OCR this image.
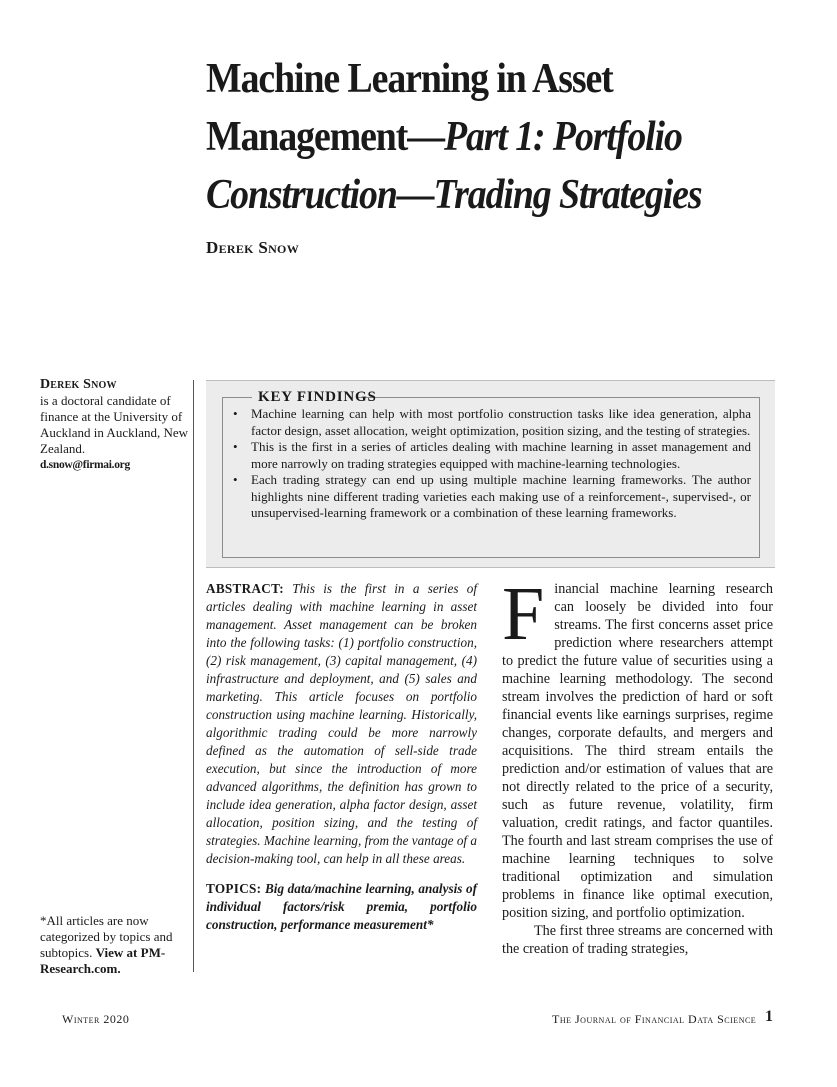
Machine Learning in Asset
Management—Part 1: Portfolio
Construction—Trading Strategies
Derek Snow
Derek Snow
is a doctoral candidate of finance at the University of Auckland in Auckland, New Zealand.
d.snow@firmai.org
KEY FINDINGS
• Machine learning can help with most portfolio construction tasks like idea generation, alpha factor design, asset allocation, weight optimization, position sizing, and the testing of strategies.
• This is the first in a series of articles dealing with machine learning in asset management and more narrowly on trading strategies equipped with machine-learning technologies.
• Each trading strategy can end up using multiple machine learning frameworks. The author highlights nine different trading varieties each making use of a reinforcement-, supervised-, or unsupervised-learning framework or a combination of these learning frameworks.

ABSTRACT: This is the first in a series of articles dealing with machine learning in asset management. Asset management can be broken into the following tasks: (1) portfolio construction, (2) risk management, (3) capital management, (4) infrastructure and deployment, and (5) sales and marketing. This article focuses on portfolio construction using machine learning. Historically, algorithmic trading could be more narrowly defined as the automation of sell-side trade execution, but since the introduction of more advanced algorithms, the definition has grown to include idea generation, alpha factor design, asset allocation, position sizing, and the testing of strategies. Machine learning, from the vantage of a decision-making tool, can help in all these areas.

TOPICS: Big data/machine learning, analysis of individual factors/risk premia, portfolio construction, performance measurement*

Financial machine learning research can loosely be divided into four streams. The first concerns asset price prediction where researchers attempt to predict the future value of securities using a machine learning methodology. The second stream involves the prediction of hard or soft financial events like earnings surprises, regime changes, corporate defaults, and mergers and acquisitions. The third stream entails the prediction and/or estimation of values that are not directly related to the price of a security, such as future revenue, volatility, firm valuation, credit ratings, and factor quantiles. The fourth and last stream comprises the use of machine learning techniques to solve traditional optimization and simulation problems in finance like optimal execution, position sizing, and portfolio optimization.

The first three streams are concerned with the creation of trading strategies,

*All articles are now categorized by topics and subtopics. View at PM-Research.com.
Winter 2020	The Journal of Financial Data Science 1
